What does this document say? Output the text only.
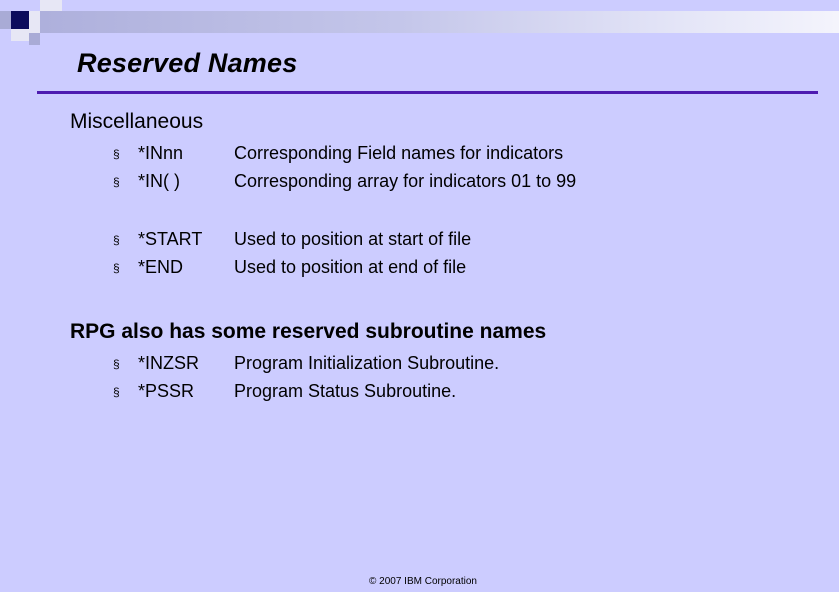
Reserved Names
Miscellaneous
§ *INnn	Corresponding Field names for indicators
§ *IN( )	Corresponding array for indicators 01 to 99
§ *START Used to position at start of file
§ *END	Used to position at end of file
RPG also has some reserved subroutine names
§ *INZSR Program Initialization Subroutine.
§ *PSSR Program Status Subroutine.
© 2007 IBM Corporation
